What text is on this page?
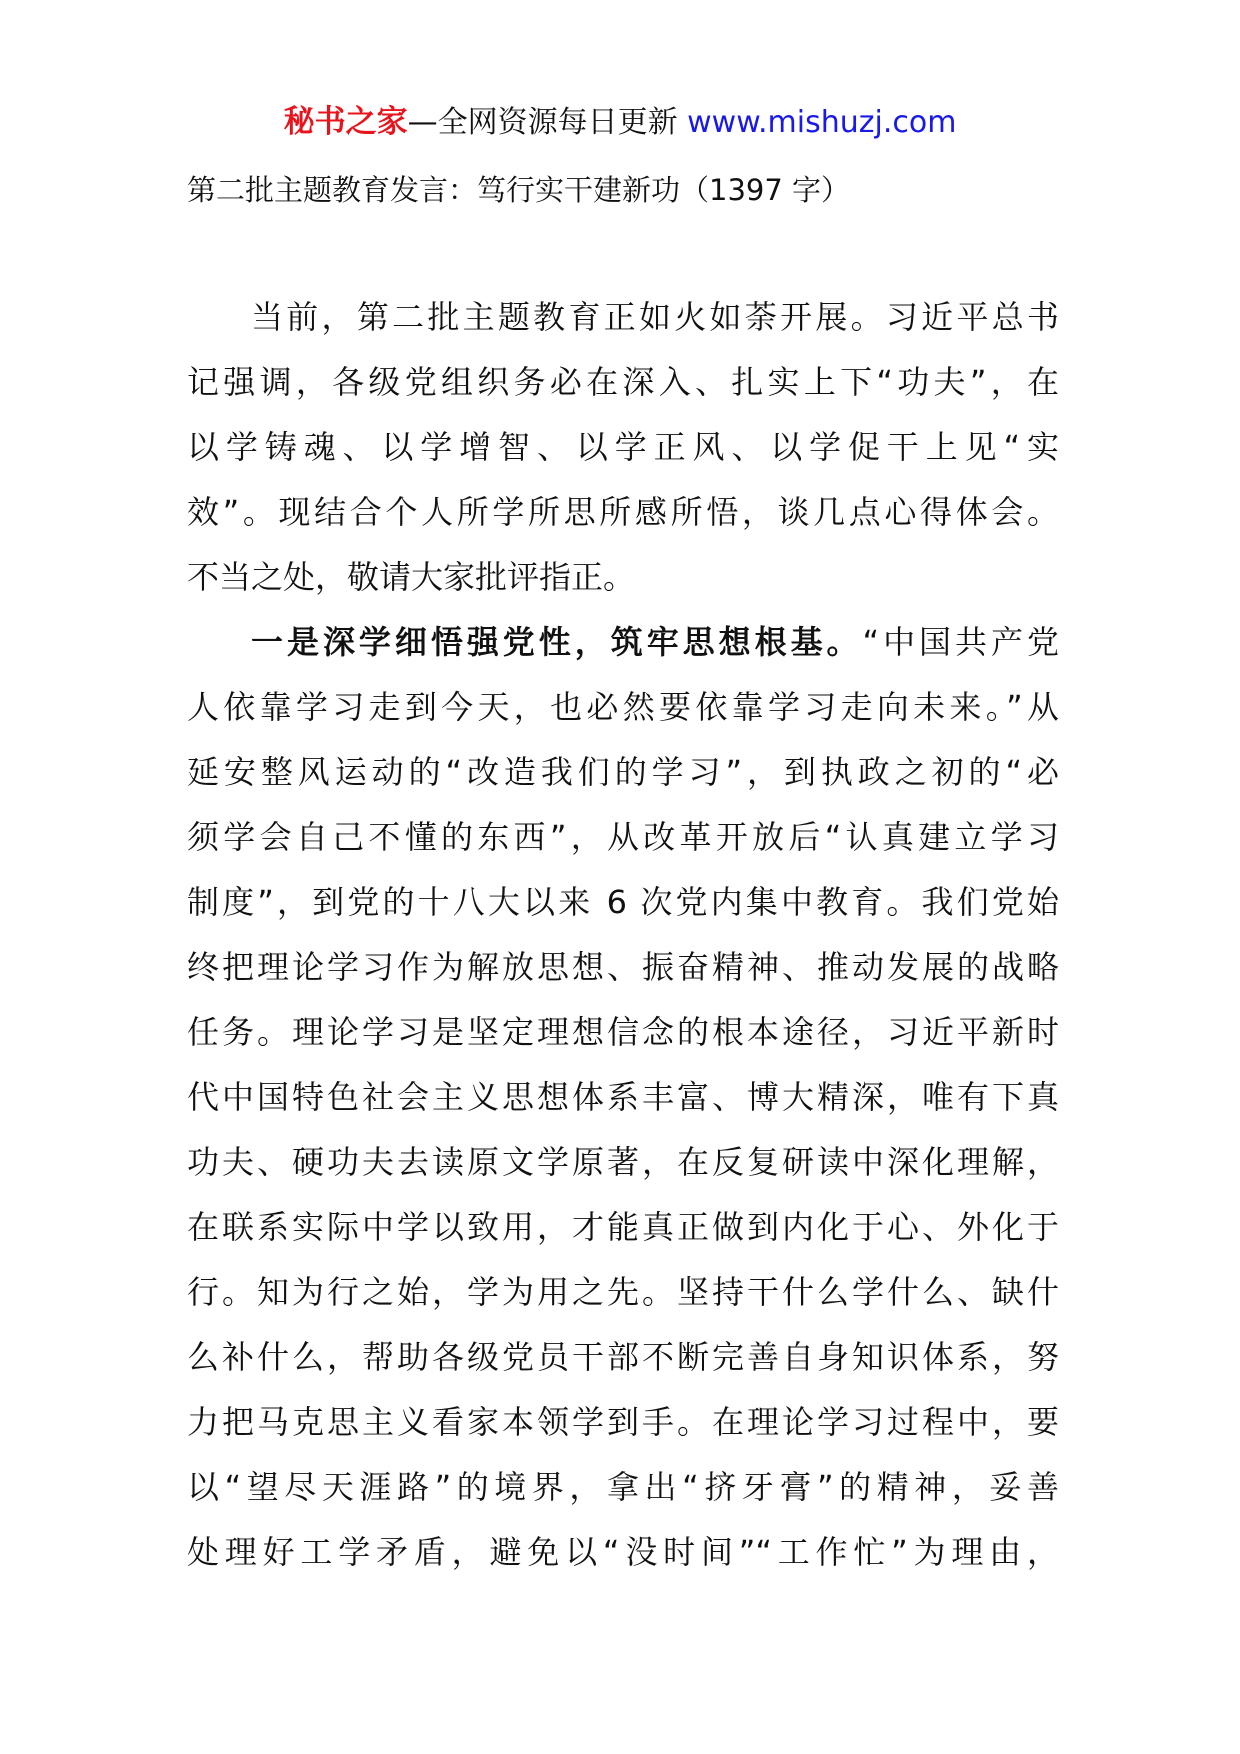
秘书之家—全网资源每日更新 www.mishuzj.com
第二批主题教育发言：笃行实干建新功（1397 字）
当前，第二批主题教育正如火如荼开展。习近平总书
记强调，各级党组织务必在深入、扎实上下“功夫”，在
以学铸魂、以学增智、以学正风、以学促干上见“实
效”。现结合个人所学所思所感所悟，谈几点心得体会。
不当之处，敬请大家批评指正。
一是深学细悟强党性，筑牢思想根基。“中国共产党
人依靠学习走到今天，也必然要依靠学习走向未来。”从
延安整风运动的“改造我们的学习”，到执政之初的“必
须学会自己不懂的东西”，从改革开放后“认真建立学习
制度”，到党的十八大以来 6 次党内集中教育。我们党始
终把理论学习作为解放思想、振奋精神、推动发展的战略
任务。理论学习是坚定理想信念的根本途径，习近平新时
代中国特色社会主义思想体系丰富、博大精深，唯有下真
功夫、硬功夫去读原文学原著，在反复研读中深化理解，
在联系实际中学以致用，才能真正做到内化于心、外化于
行。知为行之始，学为用之先。坚持干什么学什么、缺什
么补什么，帮助各级党员干部不断完善自身知识体系，努
力把马克思主义看家本领学到手。在理论学习过程中，要
以“望尽天涯路”的境界，拿出“挤牙膏”的精神，妥善
处理好工学矛盾，避免以“没时间”“工作忙”为理由，
